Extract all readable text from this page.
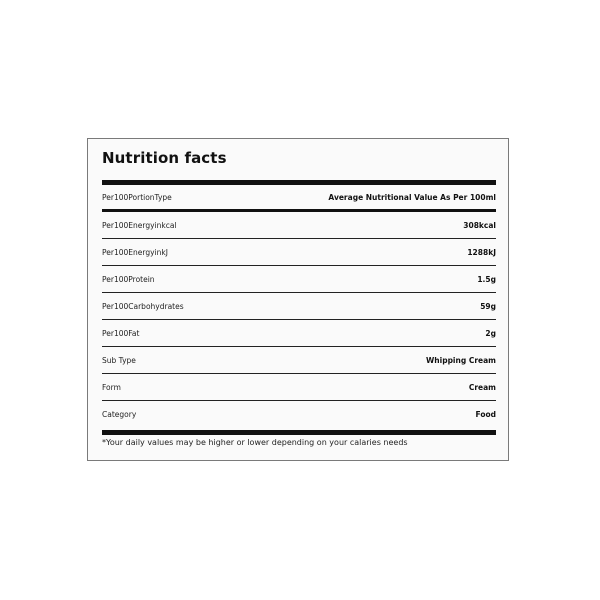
Nutrition facts
Per100PortionType	Average Nutritional Value As Per 100ml
Per100Energyinkcal	308kcal
Per100EnergyinkJ	1288kJ
Per100Protein	1.5g
Per100Carbohydrates	59g
Per100Fat	2g
Sub Type	Whipping Cream
Form	Cream
Category	Food
*Your daily values may be higher or lower depending on your calaries needs
